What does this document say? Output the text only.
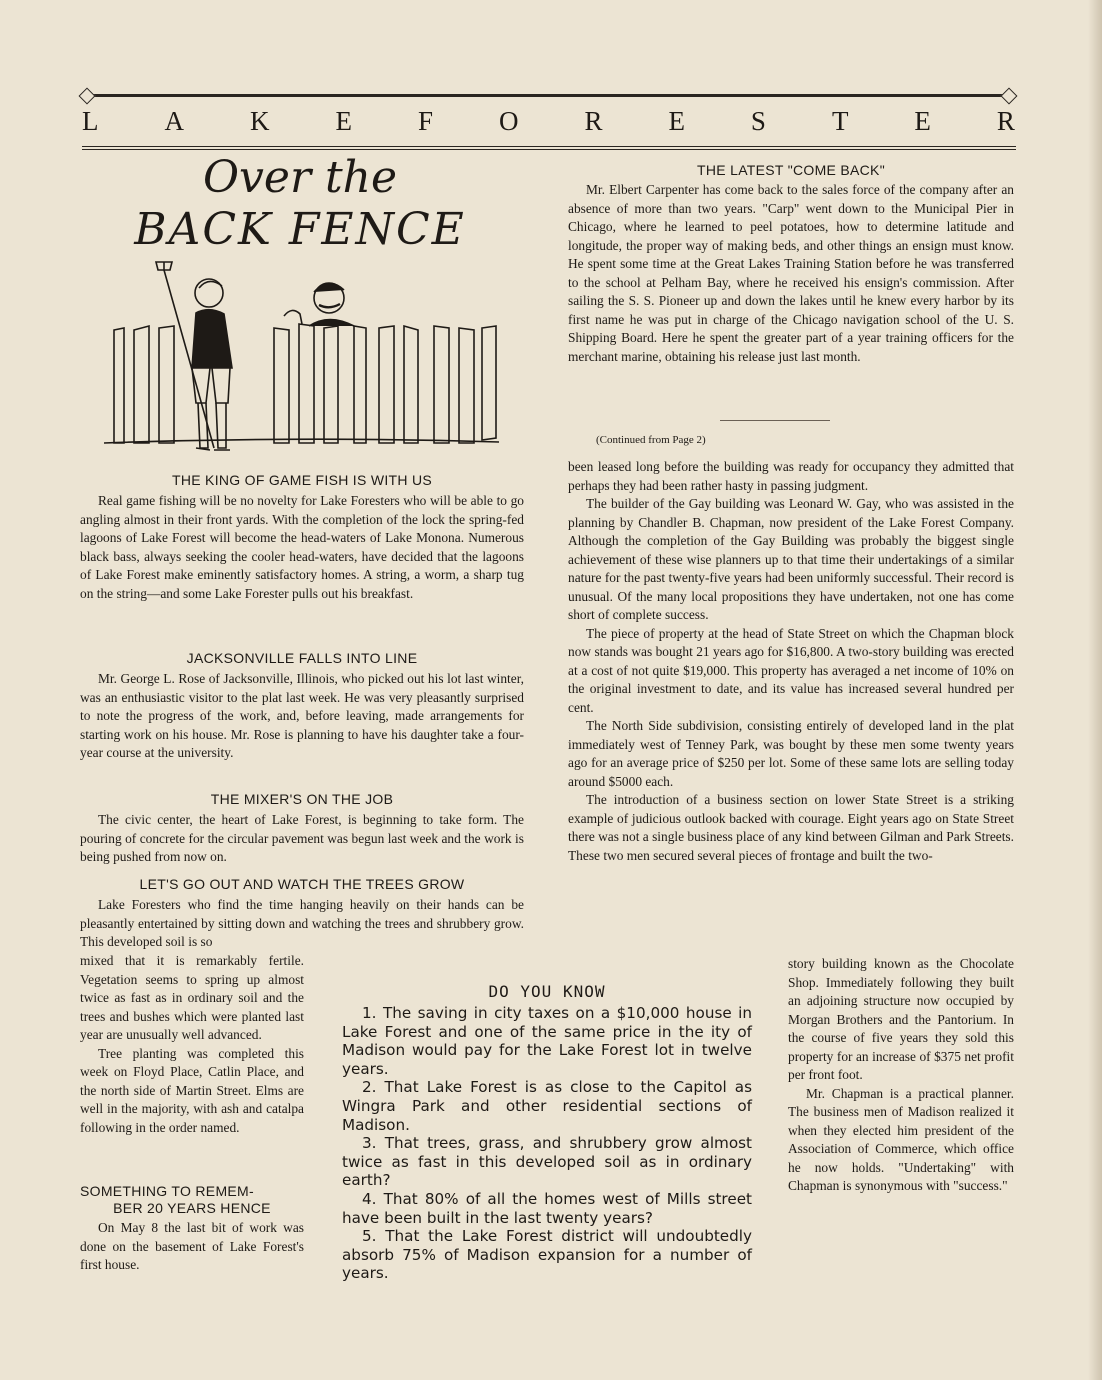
L A K E F O R E S T E R
Over the
BACK FENCE

THE KING OF GAME FISH IS WITH US

Real game fishing will be no novelty for Lake Foresters who will be able to go angling almost in their front yards. With the completion of the lock the spring-fed lagoons of Lake Forest will become the head-waters of Lake Monona. Numerous black bass, always seeking the cooler head-waters, have decided that the lagoons of Lake Forest make eminently satisfactory homes. A string, a worm, a sharp tug on the string—and some Lake Forester pulls out his breakfast.

JACKSONVILLE FALLS INTO LINE

Mr. George L. Rose of Jacksonville, Illinois, who picked out his lot last winter, was an enthusiastic visitor to the plat last week. He was very pleasantly surprised to note the progress of the work, and, before leaving, made arrangements for starting work on his house. Mr. Rose is planning to have his daughter take a four-year course at the university.

THE MIXER'S ON THE JOB

The civic center, the heart of Lake Forest, is beginning to take form. The pouring of concrete for the circular pavement was begun last week and the work is being pushed from now on.

LET'S GO OUT AND WATCH THE TREES GROW

Lake Foresters who find the time hanging heavily on their hands can be pleasantly entertained by sitting down and watching the trees and shrubbery grow. This developed soil is so

mixed that it is remarkably fertile. Vegetation seems to spring up almost twice as fast as in ordinary soil and the trees and bushes which were planted last year are unusually well advanced.

Tree planting was completed this week on Floyd Place, Catlin Place, and the north side of Martin Street. Elms are well in the majority, with ash and catalpa following in the order named.

SOMETHING TO REMEM-

BER 20 YEARS HENCE

On May 8 the last bit of work was done on the basement of Lake Forest's first house.

DO YOU KNOW

1. The saving in city taxes on a $10,000 house in Lake Forest and one of the same price in the ity of Madison would pay for the Lake Forest lot in twelve years.

2. That Lake Forest is as close to the Capitol as Wingra Park and other residential sections of Madison.

3. That trees, grass, and shrubbery grow almost twice as fast in this developed soil as in ordinary earth?

4. That 80% of all the homes west of Mills street have been built in the last twenty years?

5. That the Lake Forest district will undoubtedly absorb 75% of Madison expansion for a number of years.

THE LATEST "COME BACK"

Mr. Elbert Carpenter has come back to the sales force of the company after an absence of more than two years. "Carp" went down to the Municipal Pier in Chicago, where he learned to peel potatoes, how to determine latitude and longitude, the proper way of making beds, and other things an ensign must know. He spent some time at the Great Lakes Training Station before he was transferred to the school at Pelham Bay, where he received his ensign's commission. After sailing the S. S. Pioneer up and down the lakes until he knew every harbor by its first name he was put in charge of the Chicago navigation school of the U. S. Shipping Board. Here he spent the greater part of a year training officers for the merchant marine, obtaining his release just last month.

(Continued from Page 2)

been leased long before the building was ready for occupancy they admitted that perhaps they had been rather hasty in passing judgment.

The builder of the Gay building was Leonard W. Gay, who was assisted in the planning by Chandler B. Chapman, now president of the Lake Forest Company. Although the completion of the Gay Building was probably the biggest single achievement of these wise planners up to that time their undertakings of a similar nature for the past twenty-five years had been uniformly successful. Their record is unusual. Of the many local propositions they have undertaken, not one has come short of complete success.

The piece of property at the head of State Street on which the Chapman block now stands was bought 21 years ago for $16,800. A two-story building was erected at a cost of not quite $19,000. This property has averaged a net income of 10% on the original investment to date, and its value has increased several hundred per cent.

The North Side subdivision, consisting entirely of developed land in the plat immediately west of Tenney Park, was bought by these men some twenty years ago for an average price of $250 per lot. Some of these same lots are selling today around $5000 each.

The introduction of a business section on lower State Street is a striking example of judicious outlook backed with courage. Eight years ago on State Street there was not a single business place of any kind between Gilman and Park Streets. These two men secured several pieces of frontage and built the two-

story building known as the Chocolate Shop. Immediately following they built an adjoining structure now occupied by Morgan Brothers and the Pantorium. In the course of five years they sold this property for an increase of $375 net profit per front foot.

Mr. Chapman is a practical planner. The business men of Madison realized it when they elected him president of the Association of Commerce, which office he now holds. "Undertaking" with Chapman is synonymous with "success."
